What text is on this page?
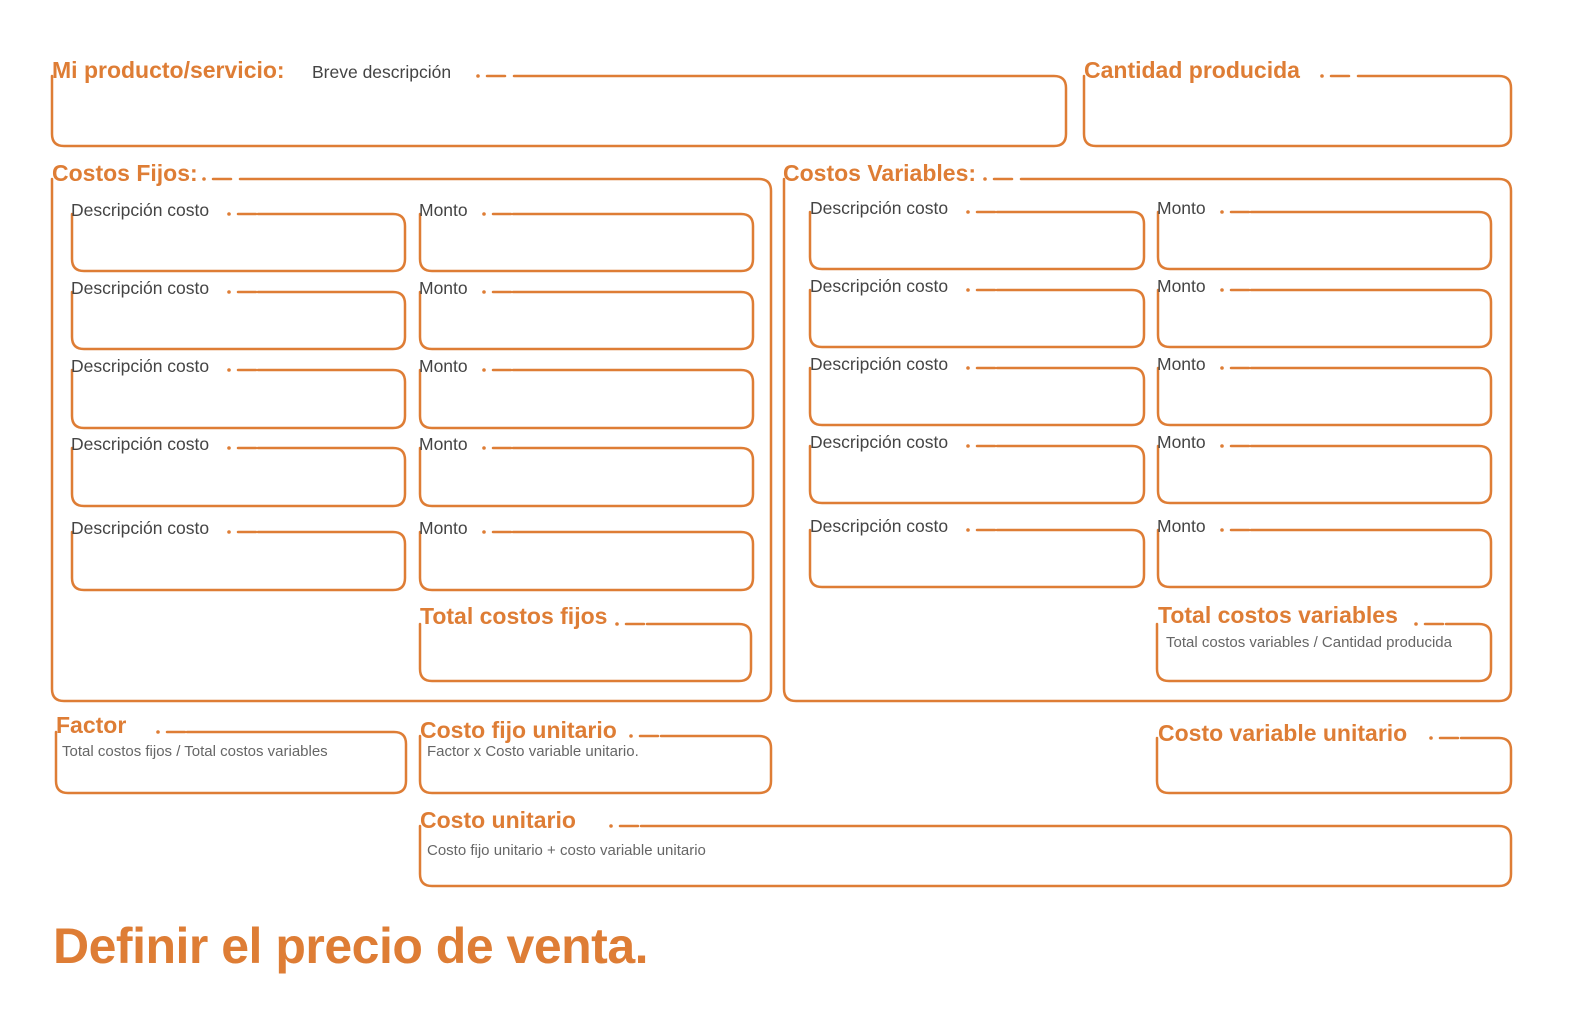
Mi producto/servicio: Breve descripción	Cantidad producida
Costos Fijos:
Descripción costo	Monto
Descripción costo	Monto
Descripción costo	Monto
Descripción costo	Monto
Descripción costo	Monto
Total costos fijos
Costos Variables:
Descripción costo	Monto
Descripción costo	Monto
Descripción costo	Monto
Descripción costo	Monto
Descripción costo	Monto
Total costos variables
Total costos variables / Cantidad producida
Factor
Total costos fijos / Total costos variables
Costo fijo unitario
Factor x Costo variable unitario.
Costo variable unitario
Costo unitario
Costo fijo unitario + costo variable unitario
Definir el precio de venta.
